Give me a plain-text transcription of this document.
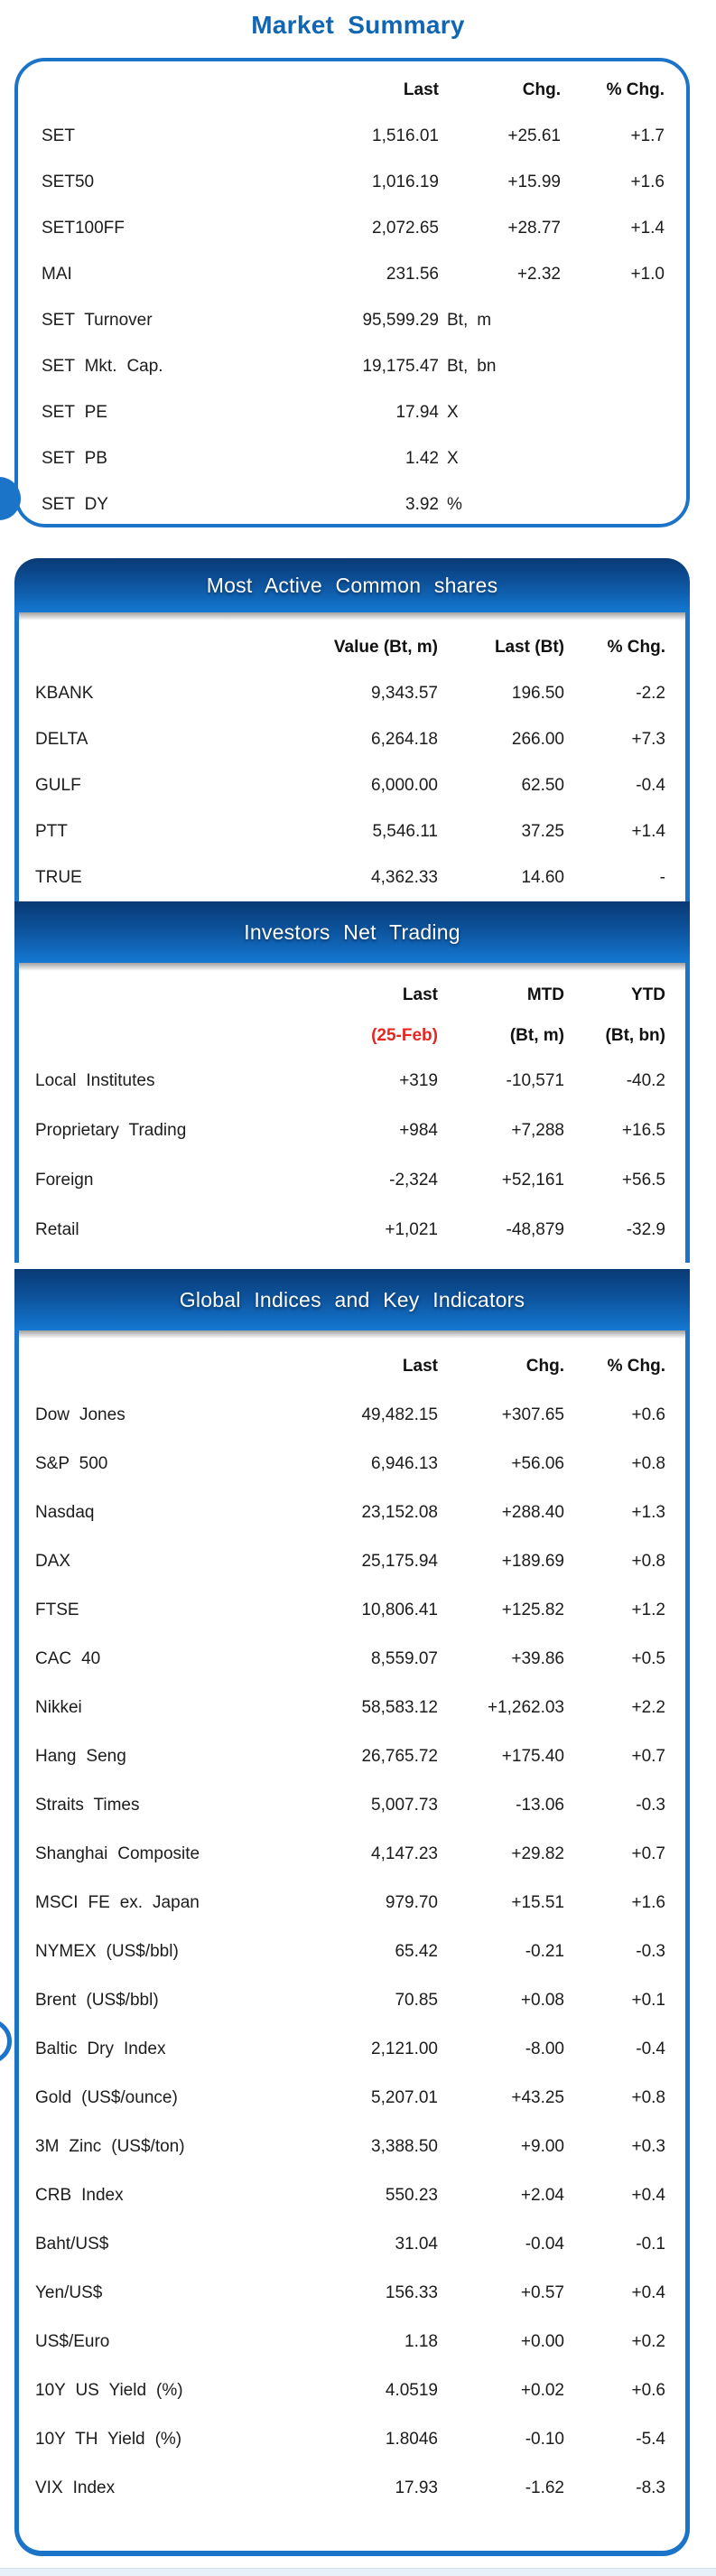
Market Summary
Last	Chg.	% Chg.
SET	1,516.01	+25.61	+1.7
SET50	1,016.19	+15.99	+1.6
SET100FF	2,072.65	+28.77	+1.4
MAI	231.56	+2.32	+1.0
SET Turnover	95,599.29 Bt, m
SET Mkt. Cap.	19,175.47 Bt, bn
SET PE	17.94 X
SET PB	1.42 X
SET DY	3.92 %
Most Active Common shares
Value (Bt, m)	Last (Bt)	% Chg.
KBANK	9,343.57	196.50	-2.2
DELTA	6,264.18	266.00	+7.3
GULF	6,000.00	62.50	-0.4
PTT	5,546.11	37.25	+1.4
TRUE	4,362.33	14.60	-
Investors Net Trading
Last	MTD	YTD
(25-Feb)	(Bt, m)	(Bt, bn)
Local Institutes	+319	-10,571	-40.2
Proprietary Trading	+984	+7,288	+16.5
Foreign	-2,324	+52,161	+56.5
Retail	+1,021	-48,879	-32.9
Global Indices and Key Indicators
Last	Chg.	% Chg.
Dow Jones	49,482.15	+307.65	+0.6
S&P 500	6,946.13	+56.06	+0.8
Nasdaq	23,152.08	+288.40	+1.3
DAX	25,175.94	+189.69	+0.8
FTSE	10,806.41	+125.82	+1.2
CAC 40	8,559.07	+39.86	+0.5
Nikkei	58,583.12	+1,262.03	+2.2
Hang Seng	26,765.72	+175.40	+0.7
Straits Times	5,007.73	-13.06	-0.3
Shanghai Composite	4,147.23	+29.82	+0.7
MSCI FE ex. Japan	979.70	+15.51	+1.6
NYMEX (US$/bbl)	65.42	-0.21	-0.3
Brent (US$/bbl)	70.85	+0.08	+0.1
Baltic Dry Index	2,121.00	-8.00	-0.4
Gold (US$/ounce)	5,207.01	+43.25	+0.8
3M Zinc (US$/ton)	3,388.50	+9.00	+0.3
CRB Index	550.23	+2.04	+0.4
Baht/US$	31.04	-0.04	-0.1
Yen/US$	156.33	+0.57	+0.4
US$/Euro	1.18	+0.00	+0.2
10Y US Yield (%)	4.0519	+0.02	+0.6
10Y TH Yield (%)	1.8046	-0.10	-5.4
VIX Index	17.93	-1.62	-8.3
